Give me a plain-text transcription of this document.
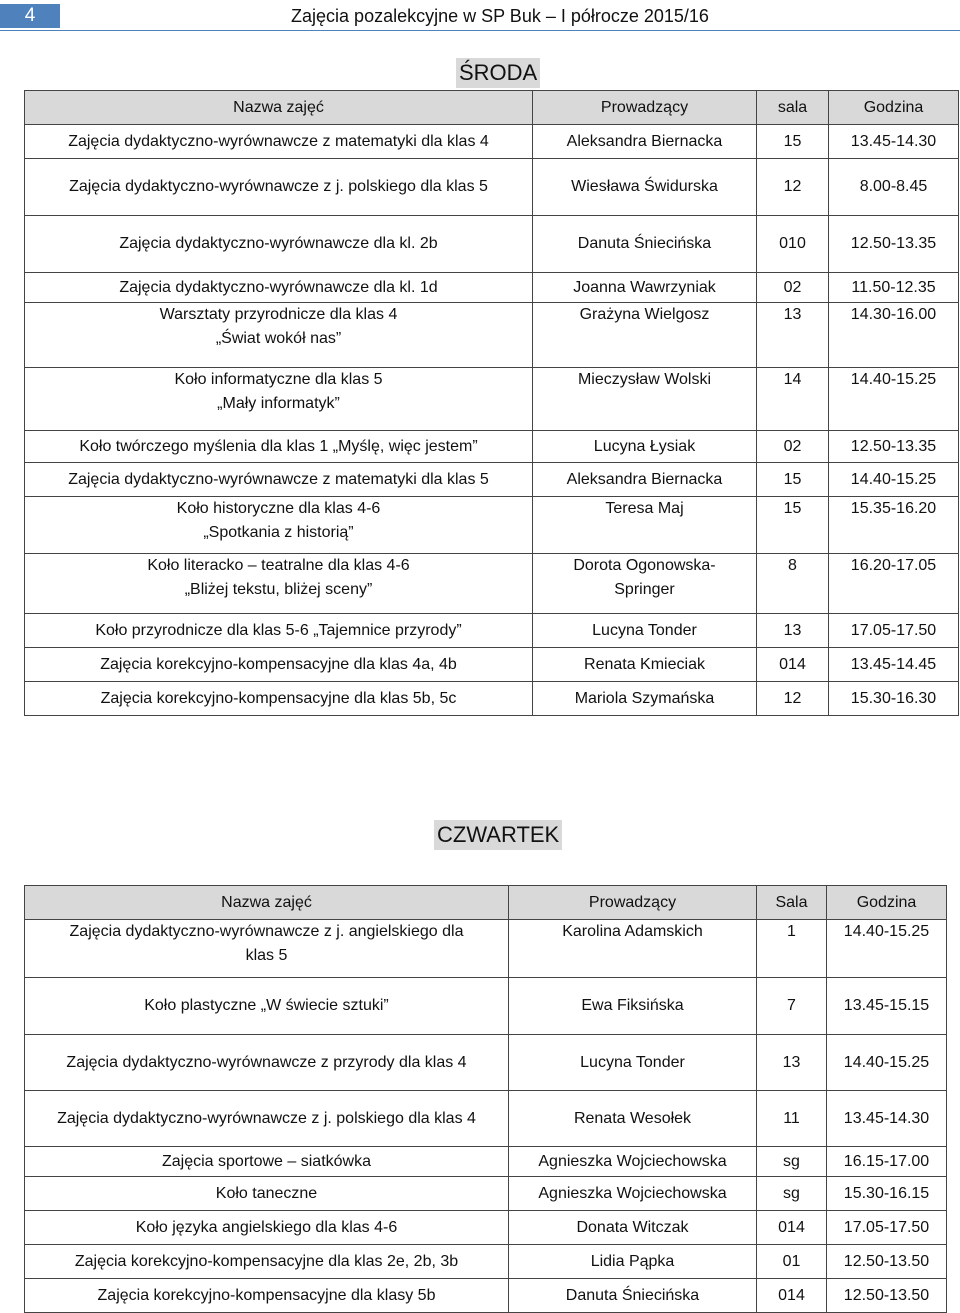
4	Zajęcia pozalekcyjne w SP Buk – I półrocze 2015/16
ŚRODA
Nazwa zajęć	Prowadzący	sala	Godzina

Zajęcia dydaktyczno-wyrównawcze z matematyki dla klas 4	Aleksandra Biernacka	15	13.45-14.30

Zajęcia dydaktyczno-wyrównawcze z j. polskiego dla klas 5	Wiesława Świdurska	12	8.00-8.45

Zajęcia dydaktyczno-wyrównawcze dla kl. 2b	Danuta Śniecińska	010	12.50-13.35

Zajęcia dydaktyczno-wyrównawcze dla kl. 1d	Joanna Wawrzyniak	02	11.50-12.35

Warsztaty przyrodnicze dla klas 4
„Świat wokół nas”	Grażyna Wielgosz	13	14.30-16.00

Koło informatyczne dla klas 5
„Mały informatyk”	Mieczysław Wolski	14	14.40-15.25

Koło twórczego myślenia dla klas 1 „Myślę, więc jestem”	Lucyna Łysiak	02	12.50-13.35

Zajęcia dydaktyczno-wyrównawcze z matematyki dla klas 5	Aleksandra Biernacka	15	14.40-15.25

Koło historyczne dla klas 4-6
„Spotkania z historią”	Teresa Maj	15	15.35-16.20

Koło literacko – teatralne dla klas 4-6
„Bliżej tekstu, bliżej sceny”	Dorota Ogonowska-
Springer	8	16.20-17.05

Koło przyrodnicze dla klas 5-6 „Tajemnice przyrody”	Lucyna Tonder	13	17.05-17.50

Zajęcia korekcyjno-kompensacyjne dla klas 4a, 4b	Renata Kmieciak	014	13.45-14.45

Zajęcia korekcyjno-kompensacyjne dla klas 5b, 5c	Mariola Szymańska	12	15.30-16.30
CZWARTEK
Nazwa zajęć	Prowadzący	Sala	Godzina

Zajęcia dydaktyczno-wyrównawcze z j. angielskiego dla
klas 5	Karolina Adamskich	1	14.40-15.25

Koło plastyczne „W świecie sztuki”	Ewa Fiksińska	7	13.45-15.15

Zajęcia dydaktyczno-wyrównawcze z przyrody dla klas 4	Lucyna Tonder	13	14.40-15.25

Zajęcia dydaktyczno-wyrównawcze z j. polskiego dla klas 4	Renata Wesołek	11	13.45-14.30

Zajęcia sportowe – siatkówka	Agnieszka Wojciechowska	sg	16.15-17.00

Koło taneczne	Agnieszka Wojciechowska	sg	15.30-16.15

Koło języka angielskiego dla klas 4-6	Donata Witczak	014	17.05-17.50

Zajęcia korekcyjno-kompensacyjne dla klas 2e, 2b, 3b	Lidia Pąpka	01	12.50-13.50

Zajęcia korekcyjno-kompensacyjne dla klasy 5b	Danuta Śniecińska	014	12.50-13.50
